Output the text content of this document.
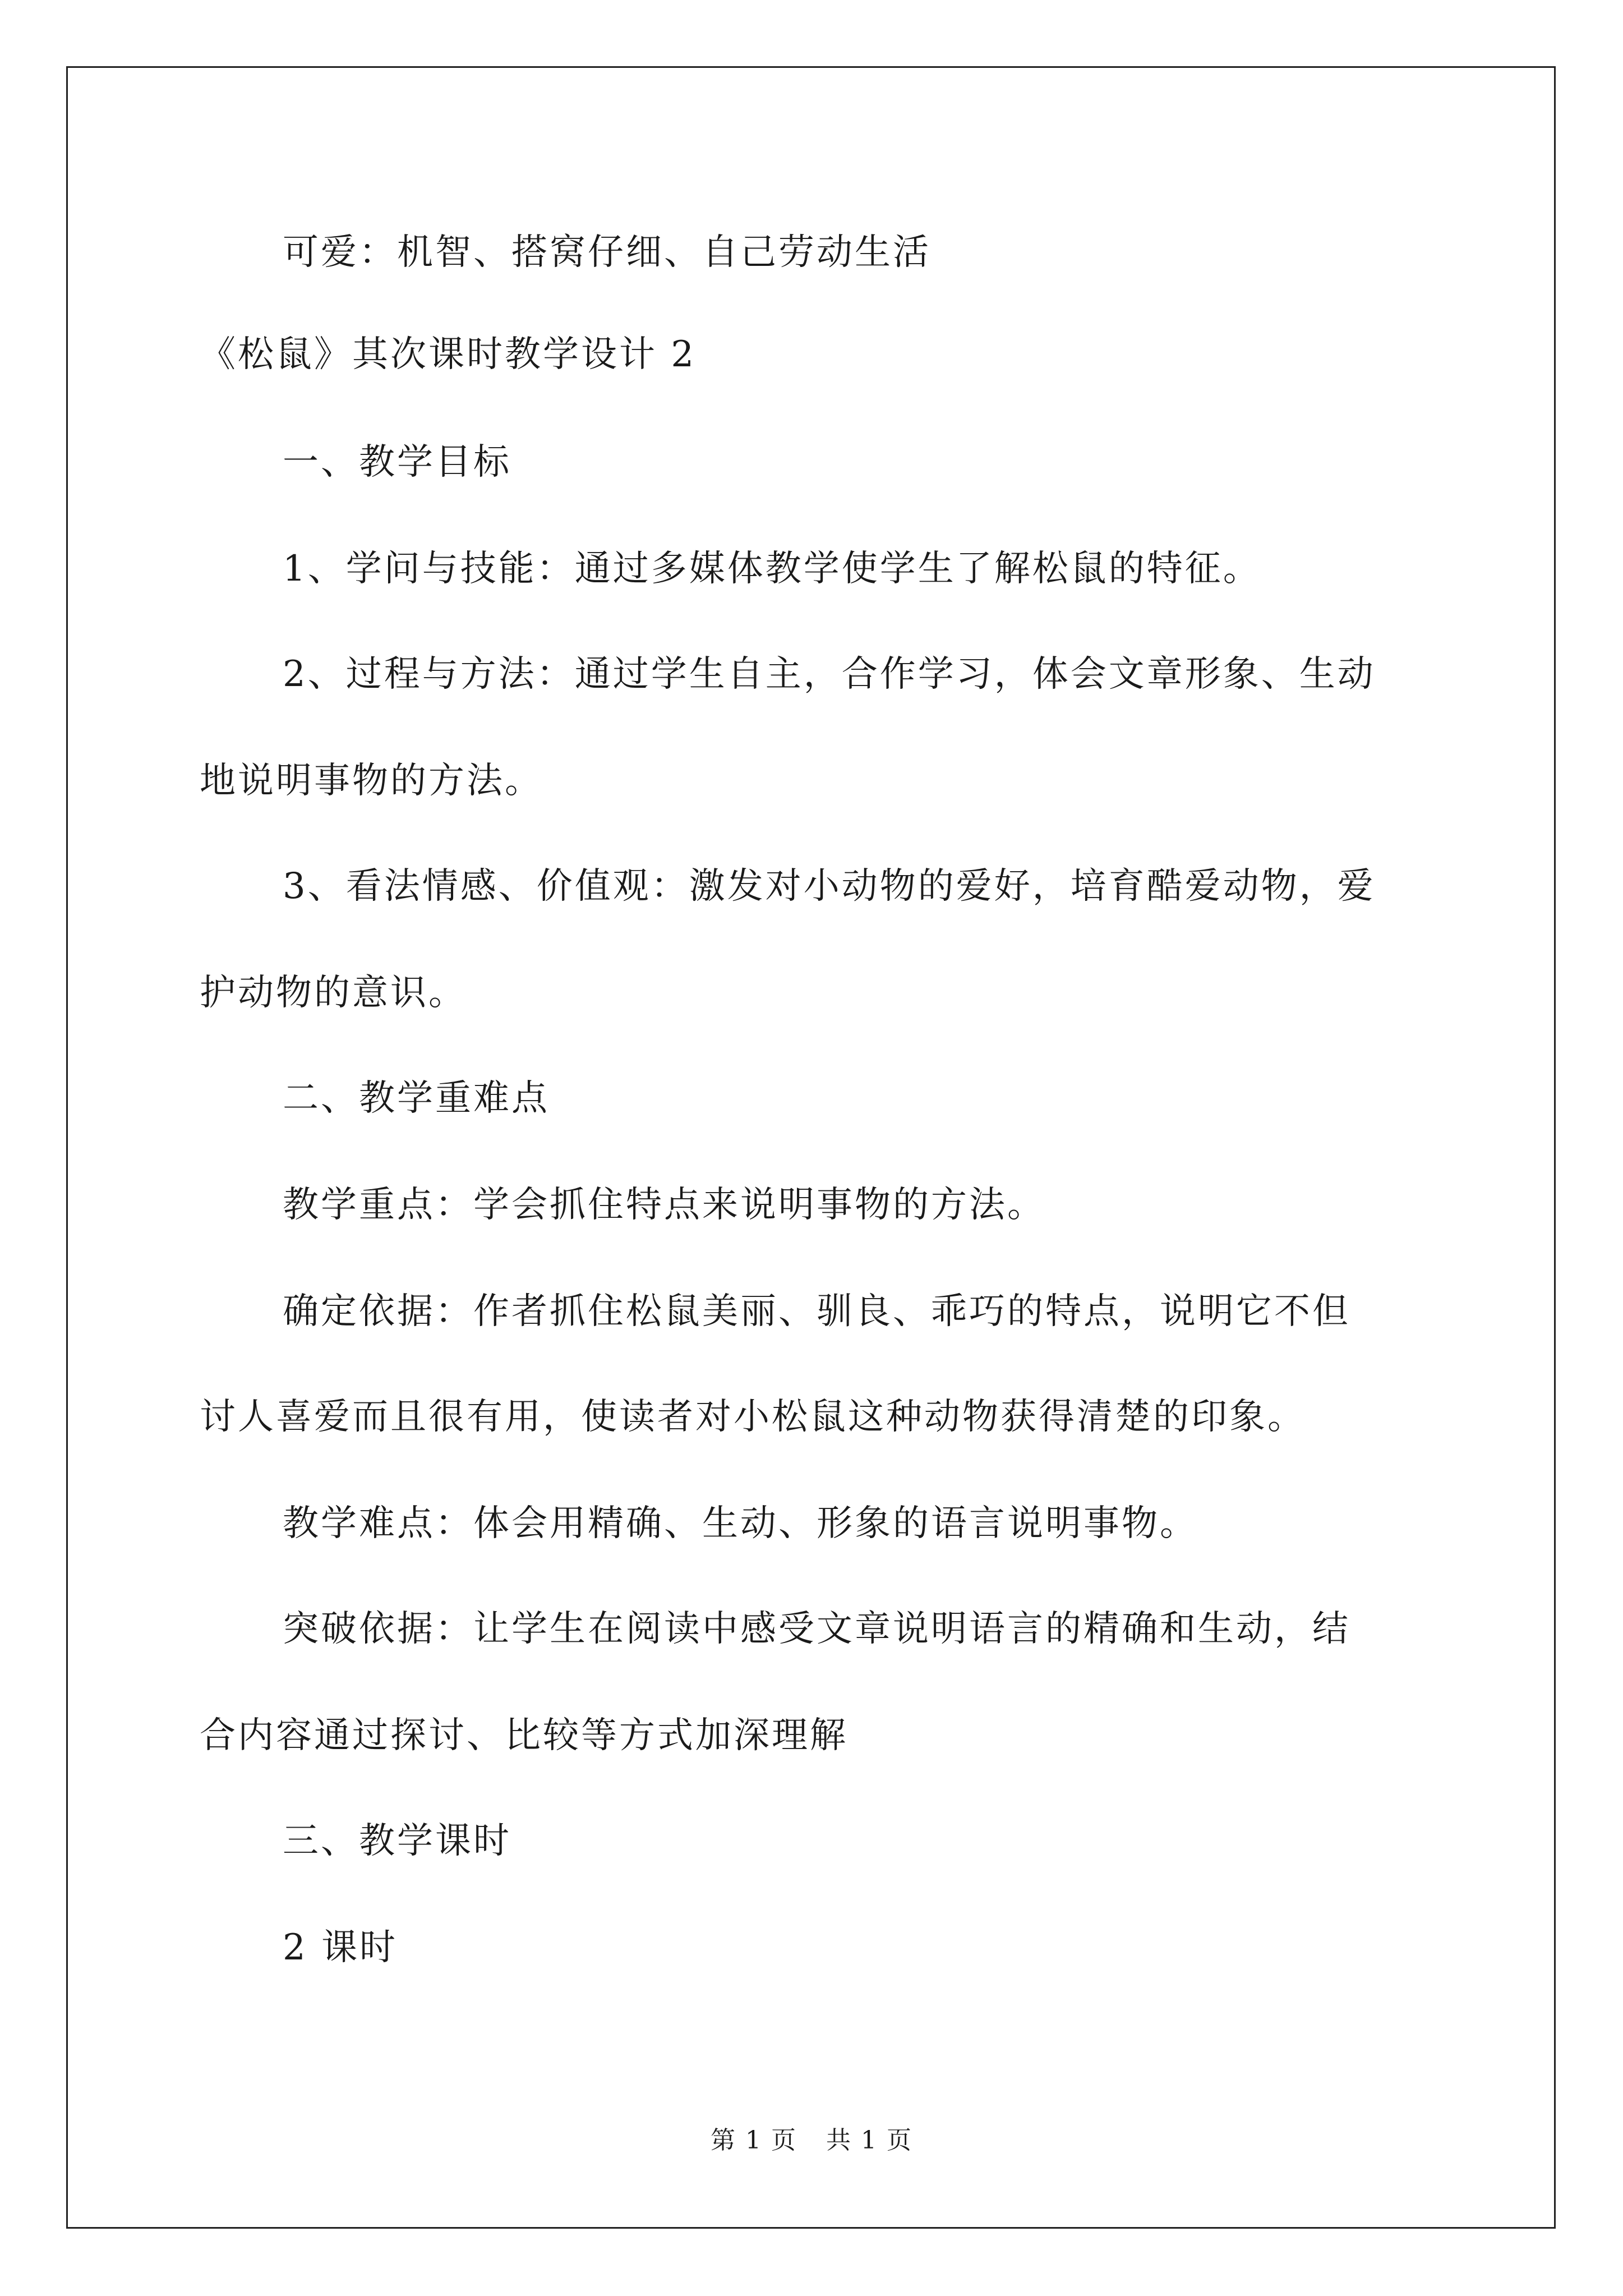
可爱：机智、搭窝仔细、自己劳动生活
《松鼠》其次课时教学设计 2
一、教学目标
1、学问与技能：通过多媒体教学使学生了解松鼠的特征。
2、过程与方法：通过学生自主，合作学习，体会文章形象、生动
地说明事物的方法。
3、看法情感、价值观：激发对小动物的爱好，培育酷爱动物，爱
护动物的意识。
二、教学重难点
教学重点：学会抓住特点来说明事物的方法。
确定依据：作者抓住松鼠美丽、驯良、乖巧的特点，说明它不但
讨人喜爱而且很有用，使读者对小松鼠这种动物获得清楚的印象。
教学难点：体会用精确、生动、形象的语言说明事物。
突破依据：让学生在阅读中感受文章说明语言的精确和生动，结
合内容通过探讨、比较等方式加深理解
三、教学课时
2 课时
第 1 页 共 1 页
